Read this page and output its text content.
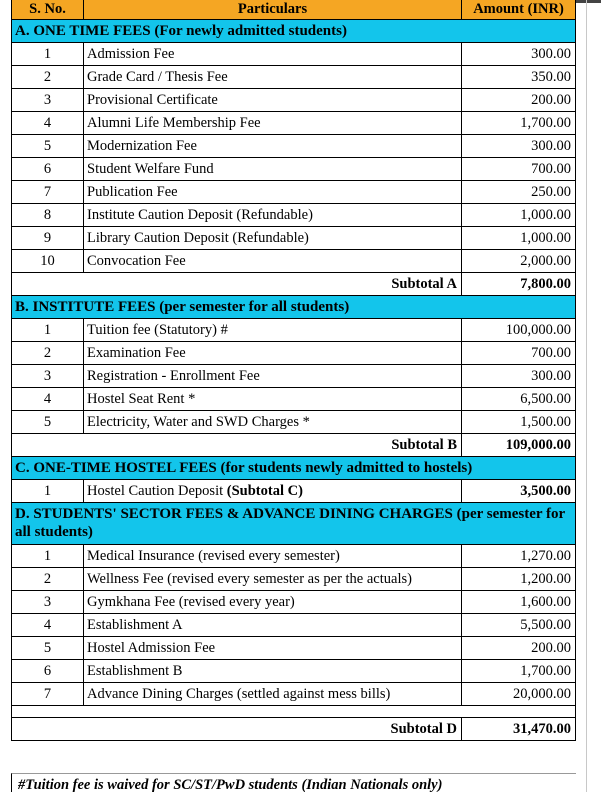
S. No.	Particulars	Amount (INR)
A. ONE TIME FEES (For newly admitted students)
1	Admission Fee	300.00
2	Grade Card / Thesis Fee	350.00
3	Provisional Certificate	200.00
4	Alumni Life Membership Fee	1,700.00
5	Modernization Fee	300.00
6	Student Welfare Fund	700.00
7	Publication Fee	250.00
8	Institute Caution Deposit (Refundable)	1,000.00
9	Library Caution Deposit (Refundable)	1,000.00
10	Convocation Fee	2,000.00
Subtotal A	7,800.00
B. INSTITUTE FEES (per semester for all students)
1	Tuition fee (Statutory) #	100,000.00
2	Examination Fee	700.00
3	Registration - Enrollment Fee	300.00
4	Hostel Seat Rent *	6,500.00
5	Electricity, Water and SWD Charges *	1,500.00
Subtotal B	109,000.00
C. ONE-TIME HOSTEL FEES (for students newly admitted to hostels)
1	Hostel Caution Deposit (Subtotal C)	3,500.00
D. STUDENTS' SECTOR FEES & ADVANCE DINING CHARGES (per semester for all students)
1	Medical Insurance (revised every semester)	1,270.00
2	Wellness Fee (revised every semester as per the actuals)	1,200.00
3	Gymkhana Fee (revised every year)	1,600.00
4	Establishment A	5,500.00
5	Hostel Admission Fee	200.00
6	Establishment B	1,700.00
7	Advance Dining Charges (settled against mess bills)	20,000.00
Subtotal D	31,470.00
#Tuition fee is waived for SC/ST/PwD students (Indian Nationals only)
